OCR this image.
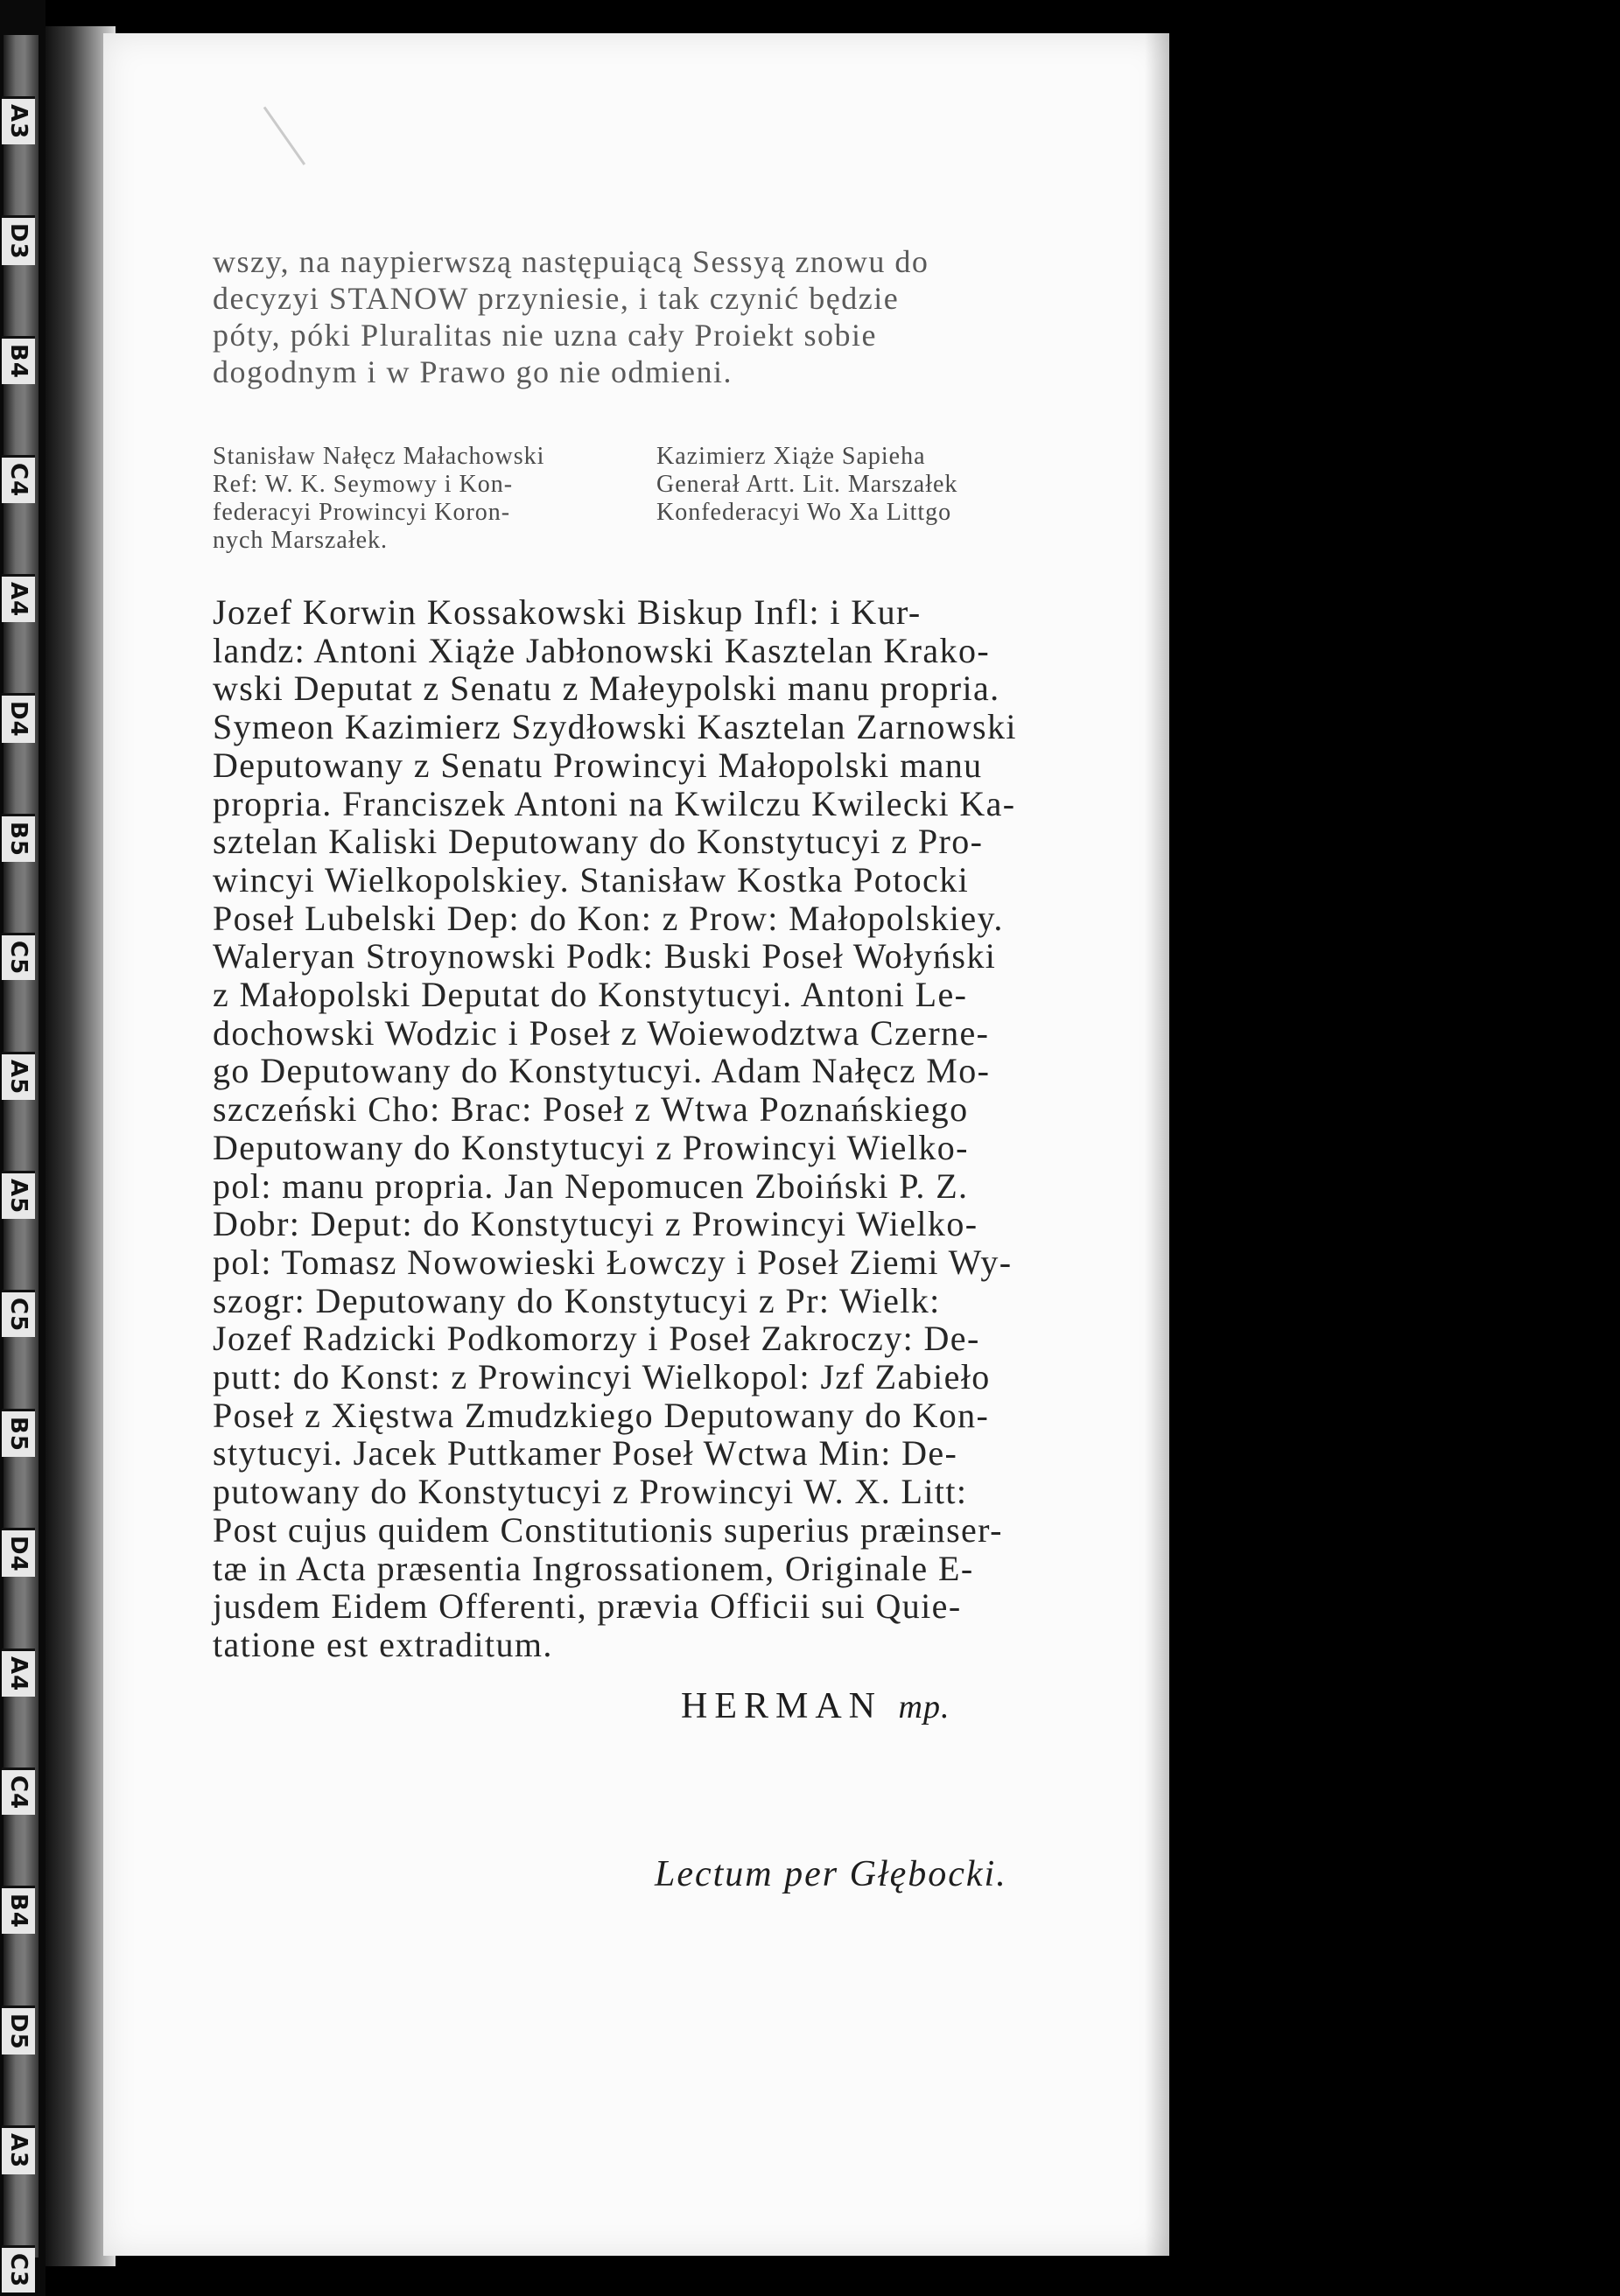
A3
D3
B4
C4
A4
D4
B5
C5
A5
A5
C5
B5
D4
A4
C4
B4
D5
A3
C3
wszy, na naypierwszą następuiącą Sessyą znowu do
decyzyi STANOW przyniesie, i tak czynić będzie
póty, póki Pluralitas nie uzna cały Proiekt sobie
dogodnym i w Prawo go nie odmieni.
Stanisław Nałęcz Małachowski
Ref: W. K. Seymowy i Kon-
federacyi Prowincyi Koron-
nych Marszałek.
Kazimierz Xiąże Sapieha
Generał Artt. Lit. Marszałek
Konfederacyi Wo Xa Littgo
Jozef Korwin Kossakowski Biskup Infl: i Kur-
landz: Antoni Xiąże Jabłonowski Kasztelan Krako-
wski Deputat z Senatu z Małeypolski manu propria.
Symeon Kazimierz Szydłowski Kasztelan Zarnowski
Deputowany z Senatu Prowincyi Małopolski manu
propria. Franciszek Antoni na Kwilczu Kwilecki Ka-
sztelan Kaliski Deputowany do Konstytucyi z Pro-
wincyi Wielkopolskiey. Stanisław Kostka Potocki
Poseł Lubelski Dep: do Kon: z Prow: Małopolskiey.
Waleryan Stroynowski Podk: Buski Poseł Wołyński
z Małopolski Deputat do Konstytucyi. Antoni Le-
dochowski Wodzic i Poseł z Woiewodztwa Czerne-
go Deputowany do Konstytucyi. Adam Nałęcz Mo-
szczeński Cho: Brac: Poseł z Wtwa Poznańskiego
Deputowany do Konstytucyi z Prowincyi Wielko-
pol: manu propria. Jan Nepomucen Zboiński P. Z.
Dobr: Deput: do Konstytucyi z Prowincyi Wielko-
pol: Tomasz Nowowieski Łowczy i Poseł Ziemi Wy-
szogr: Deputowany do Konstytucyi z Pr: Wielk:
Jozef Radzicki Podkomorzy i Poseł Zakroczy: De-
putt: do Konst: z Prowincyi Wielkopol: Jzf Zabieło
Poseł z Xięstwa Zmudzkiego Deputowany do Kon-
stytucyi. Jacek Puttkamer Poseł Wctwa Min: De-
putowany do Konstytucyi z Prowincyi W. X. Litt:
Post cujus quidem Constitutionis superius præinser-
tæ in Acta præsentia Ingrossationem, Originale E-
jusdem Eidem Offerenti, prævia Officii sui Quie-
tatione est extraditum.
HERMAN mp.
Lectum per Głębocki.
